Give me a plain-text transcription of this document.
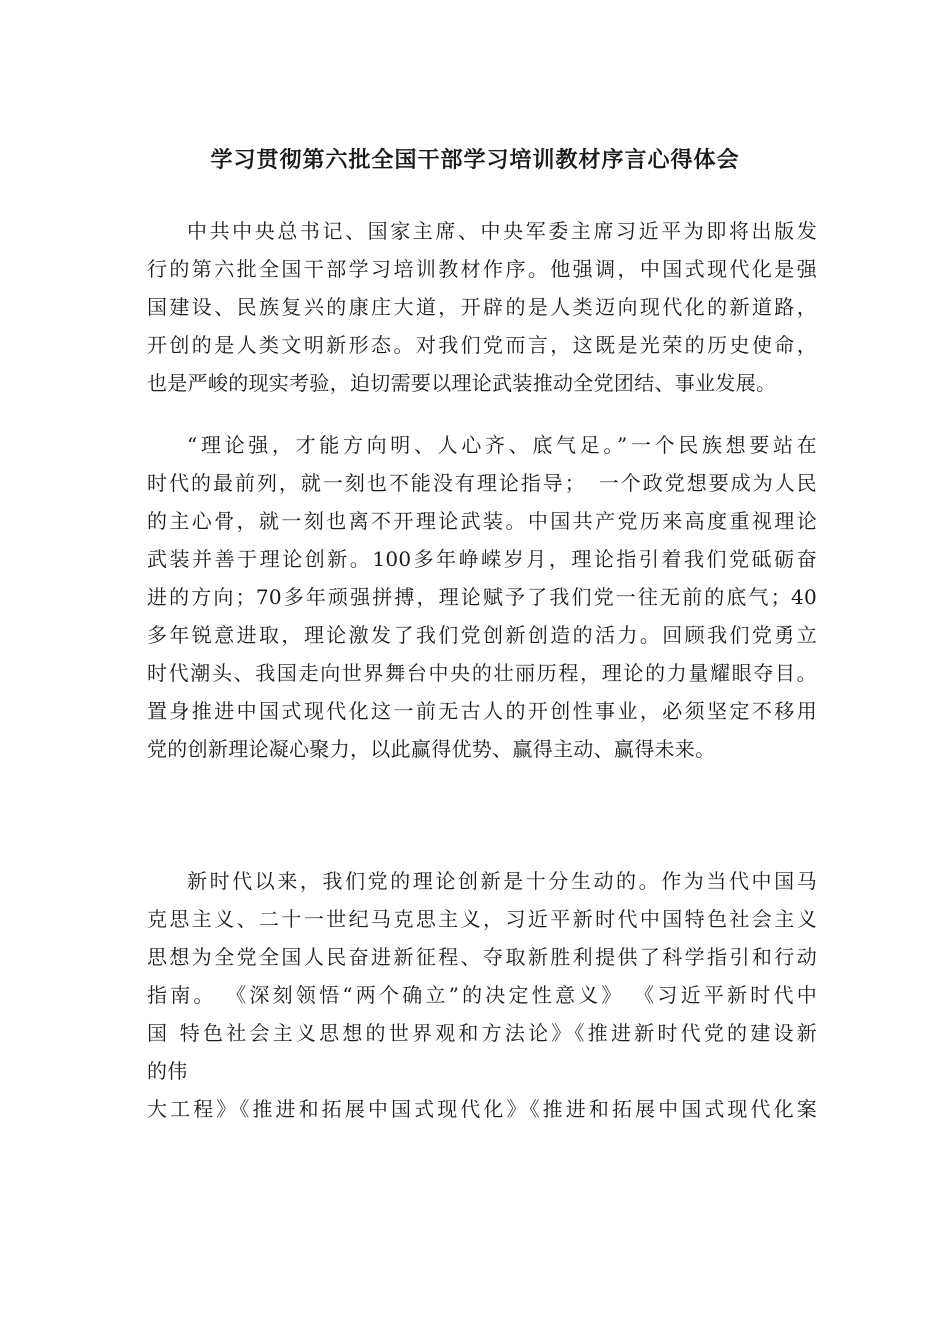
学习贯彻第六批全国干部学习培训教材序言心得体会
中共中央总书记、国家主席、中央军委主席习近平为即将出版发
行的第六批全国干部学习培训教材作序。他强调，中国式现代化是强
国建设、民族复兴的康庄大道，开辟的是人类迈向现代化的新道路，
开创的是人类文明新形态。对我们党而言，这既是光荣的历史使命，
也是严峻的现实考验，迫切需要以理论武装推动全党团结、事业发展。
“理论强，才能方向明、人心齐、底气足。”一个民族想要站在
时代的最前列，就一刻也不能没有理论指导；　一个政党想要成为人民
的主心骨，就一刻也离不开理论武装。中国共产党历来高度重视理论
武装并善于理论创新。100多年峥嵘岁月，理论指引着我们党砥砺奋
进的方向；70多年顽强拼搏，理论赋予了我们党一往无前的底气；40
多年锐意进取，理论激发了我们党创新创造的活力。回顾我们党勇立
时代潮头、我国走向世界舞台中央的壮丽历程，理论的力量耀眼夺目。
置身推进中国式现代化这一前无古人的开创性事业，必须坚定不移用
党的创新理论凝心聚力，以此赢得优势、赢得主动、赢得未来。
新时代以来，我们党的理论创新是十分生动的。作为当代中国马
克思主义、二十一世纪马克思主义，习近平新时代中国特色社会主义
思想为全党全国人民奋进新征程、夺取新胜利提供了科学指引和行动
指南。 《深刻领悟“两个确立”的决定性意义》 《习近平新时代中
国 特色社会主义思想的世界观和方法论》《推进新时代党的建设新
的伟
大工程》《推进和拓展中国式现代化》《推进和拓展中国式现代化案
